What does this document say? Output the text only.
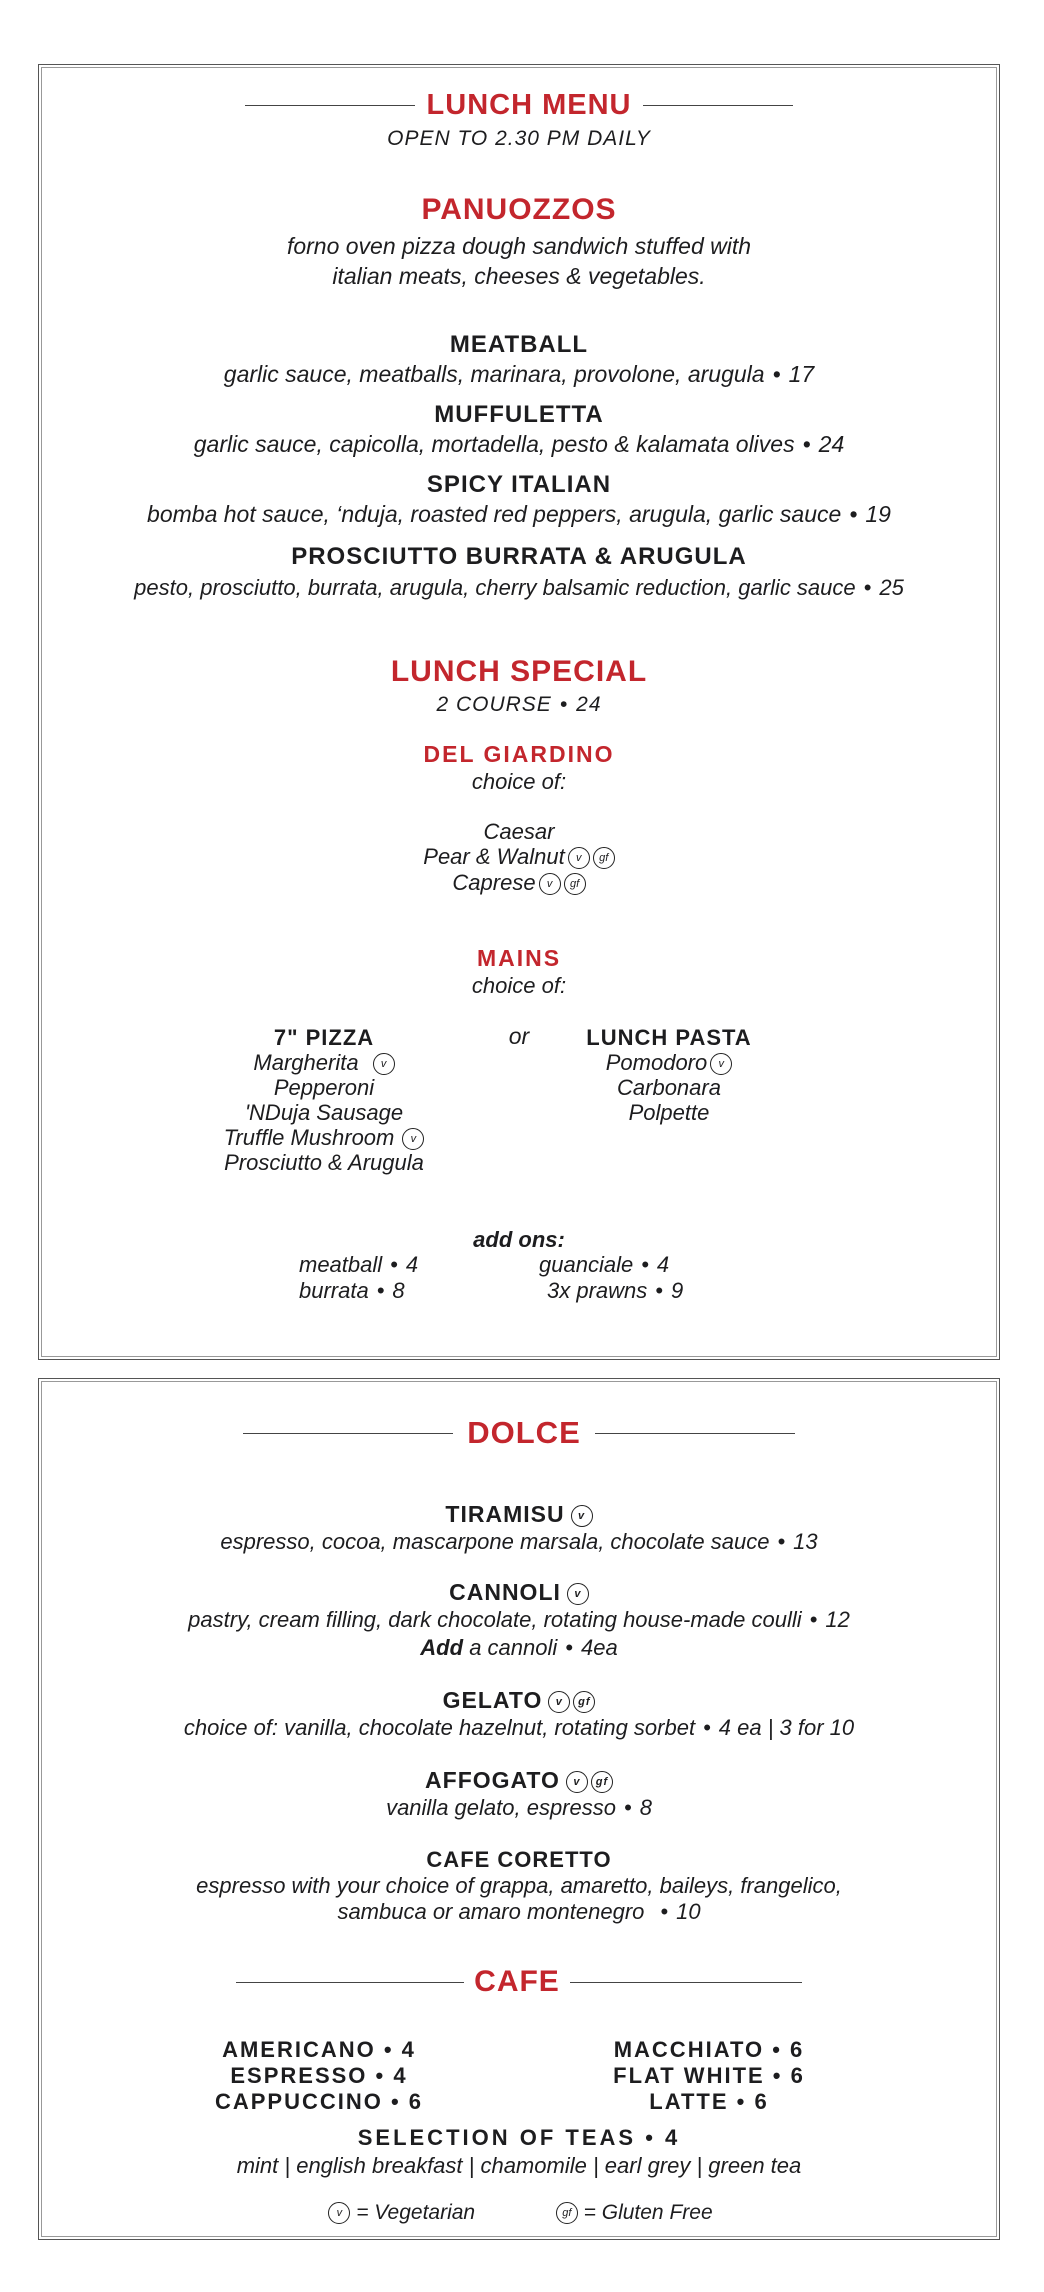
LUNCH MENU
OPEN TO 2.30 PM DAILY
PANUOZZOS
forno oven pizza dough sandwich stuffed with
italian meats, cheeses & vegetables.
MEATBALL
garlic sauce, meatballs, marinara, provolone, arugula • 17
MUFFULETTA
garlic sauce, capicolla, mortadella, pesto & kalamata olives • 24
SPICY ITALIAN
bomba hot sauce, ‘nduja, roasted red peppers, arugula, garlic sauce • 19
PROSCIUTTO BURRATA & ARUGULA
pesto, prosciutto, burrata, arugula, cherry balsamic reduction, garlic sauce • 25
LUNCH SPECIAL
2 COURSE • 24
DEL GIARDINO
choice of:
Caesar
Pear & Walnut v gf
Caprese v gf
MAINS
choice of:
7" PIZZA
Margherita v
Pepperoni
'NDuja Sausage
Truffle Mushroom v
Prosciutto & Arugula
or	LUNCH PASTA
Pomodoro v
Carbonara
Polpette
add ons:
meatball • 4	guanciale • 4
burrata • 8	3x prawns • 9
DOLCE
TIRAMISU v
espresso, cocoa, mascarpone marsala, chocolate sauce • 13
CANNOLI v
pastry, cream filling, dark chocolate, rotating house-made coulli • 12
Add a cannoli • 4ea
GELATO v gf
choice of: vanilla, chocolate hazelnut, rotating sorbet • 4 ea | 3 for 10
AFFOGATO v gf
vanilla gelato, espresso • 8
CAFE CORETTO
espresso with your choice of grappa, amaretto, baileys, frangelico,
sambuca or amaro montenegro • 10
CAFE
AMERICANO • 4
ESPRESSO • 4
CAPPUCCINO • 6
MACCHIATO • 6
FLAT WHITE • 6
LATTE • 6
SELECTION OF TEAS • 4
mint | english breakfast | chamomile | earl grey | green tea
v = Vegetarian	gf = Gluten Free
